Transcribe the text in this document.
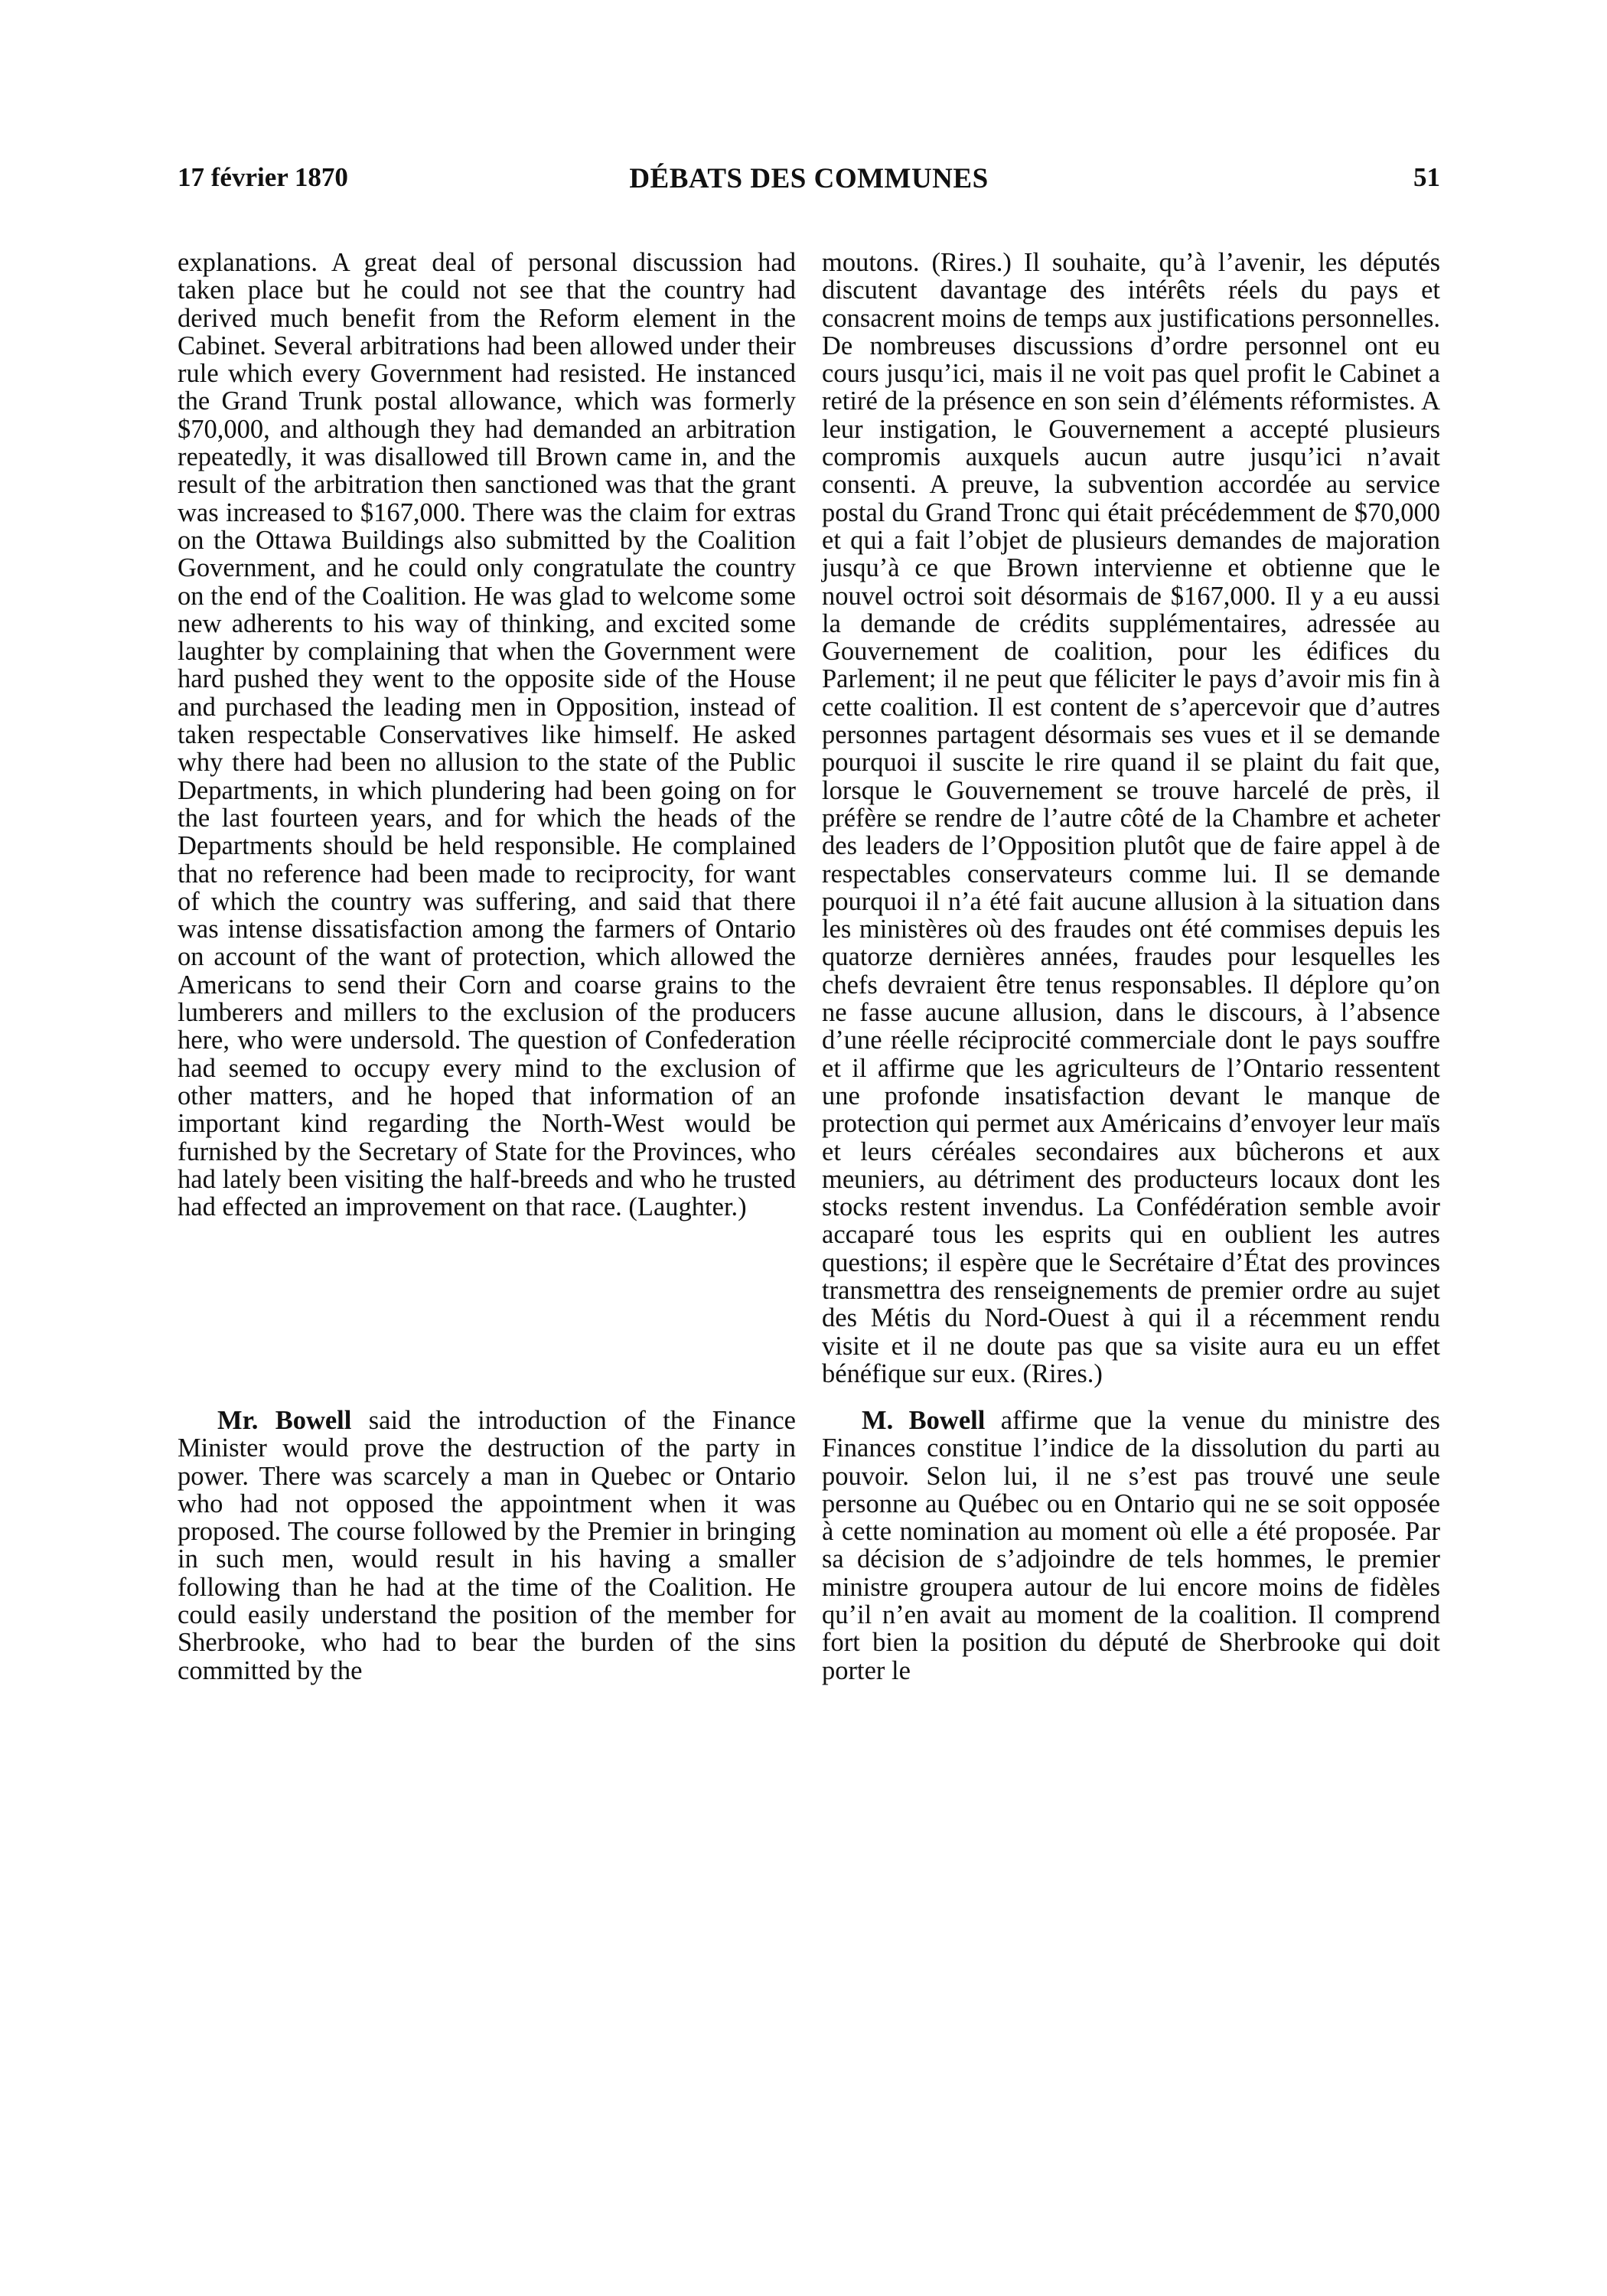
17 février 1870	DÉBATS DES COMMUNES	51

explanations. A great deal of personal discussion had taken place but he could not see that the country had derived much benefit from the Reform element in the Cabinet. Several arbitrations had been allowed under their rule which every Government had resisted. He instanced the Grand Trunk postal allowance, which was formerly $70,000, and although they had demanded an arbitration repeatedly, it was disallowed till Brown came in, and the result of the arbitration then sanctioned was that the grant was increased to $167,000. There was the claim for extras on the Ottawa Buildings also submitted by the Coalition Government, and he could only congratulate the country on the end of the Coalition. He was glad to welcome some new adherents to his way of thinking, and excited some laughter by complaining that when the Government were hard pushed they went to the opposite side of the House and purchased the leading men in Opposition, instead of taken respectable Conservatives like himself. He asked why there had been no allusion to the state of the Public Departments, in which plundering had been going on for the last fourteen years, and for which the heads of the Departments should be held responsible. He complained that no reference had been made to reciprocity, for want of which the country was suffering, and said that there was intense dissatisfaction among the farmers of Ontario on account of the want of protection, which allowed the Americans to send their Corn and coarse grains to the lumberers and millers to the exclusion of the producers here, who were undersold. The question of Confederation had seemed to occupy every mind to the exclusion of other matters, and he hoped that information of an important kind regarding the North-West would be furnished by the Secretary of State for the Provinces, who had lately been visiting the half-breeds and who he trusted had effected an improvement on that race. (Laughter.)

moutons. (Rires.) Il souhaite, qu’à l’avenir, les députés discutent davantage des intérêts réels du pays et consacrent moins de temps aux justifications personnelles. De nombreuses discussions d’ordre personnel ont eu cours jusqu’ici, mais il ne voit pas quel profit le Cabinet a retiré de la présence en son sein d’éléments réformistes. A leur instigation, le Gouvernement a accepté plusieurs compromis auxquels aucun autre jusqu’ici n’avait consenti. A preuve, la subvention accordée au service postal du Grand Tronc qui était précédemment de $70,000 et qui a fait l’objet de plusieurs demandes de majoration jusqu’à ce que Brown intervienne et obtienne que le nouvel octroi soit désormais de $167,000. Il y a eu aussi la demande de crédits supplémentaires, adressée au Gouvernement de coalition, pour les édifices du Parlement; il ne peut que féliciter le pays d’avoir mis fin à cette coalition. Il est content de s’apercevoir que d’autres personnes partagent désormais ses vues et il se demande pourquoi il suscite le rire quand il se plaint du fait que, lorsque le Gouvernement se trouve harcelé de près, il préfère se rendre de l’autre côté de la Chambre et acheter des leaders de l’Opposition plutôt que de faire appel à de respectables conservateurs comme lui. Il se demande pourquoi il n’a été fait aucune allusion à la situation dans les ministères où des fraudes ont été commises depuis les quatorze dernières années, fraudes pour lesquelles les chefs devraient être tenus responsables. Il déplore qu’on ne fasse aucune allusion, dans le discours, à l’absence d’une réelle réciprocité commerciale dont le pays souffre et il affirme que les agriculteurs de l’Ontario ressentent une profonde insatisfaction devant le manque de protection qui permet aux Américains d’envoyer leur maïs et leurs céréales secondaires aux bûcherons et aux meuniers, au détriment des producteurs locaux dont les stocks restent invendus. La Confédération semble avoir accaparé tous les esprits qui en oublient les autres questions; il espère que le Secrétaire d’État des provinces transmettra des renseignements de premier ordre au sujet des Métis du Nord-Ouest à qui il a récemment rendu visite et il ne doute pas que sa visite aura eu un effet bénéfique sur eux. (Rires.)

Mr. Bowell said the introduction of the Finance Minister would prove the destruction of the party in power. There was scarcely a man in Quebec or Ontario who had not opposed the appointment when it was proposed. The course followed by the Premier in bringing in such men, would result in his having a smaller following than he had at the time of the Coalition. He could easily understand the position of the member for Sherbrooke, who had to bear the burden of the sins committed by the

M. Bowell affirme que la venue du ministre des Finances constitue l’indice de la dissolution du parti au pouvoir. Selon lui, il ne s’est pas trouvé une seule personne au Québec ou en Ontario qui ne se soit opposée à cette nomination au moment où elle a été proposée. Par sa décision de s’adjoindre de tels hommes, le premier ministre groupera autour de lui encore moins de fidèles qu’il n’en avait au moment de la coalition. Il comprend fort bien la position du député de Sherbrooke qui doit porter le
